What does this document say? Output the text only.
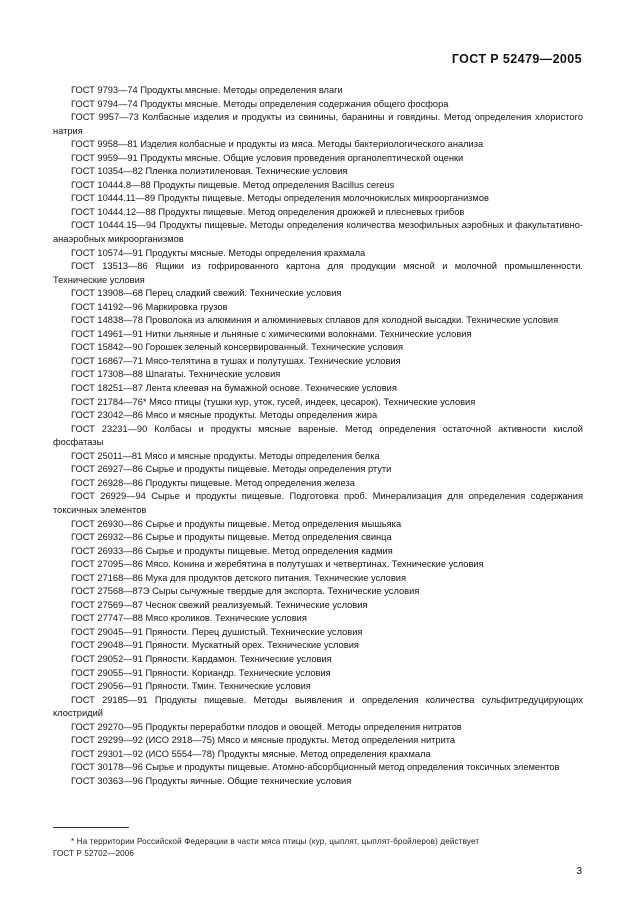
ГОСТ Р 52479—2005

ГОСТ 9793—74 Продукты мясные. Методы определения влаги

ГОСТ 9794—74 Продукты мясные. Методы определения содержания общего фосфора

ГОСТ 9957—73 Колбасные изделия и продукты из свинины, баранины и говядины. Метод определения хлористого натрия

ГОСТ 9958—81 Изделия колбасные и продукты из мяса. Методы бактериологического анализа

ГОСТ 9959—91 Продукты мясные. Общие условия проведения органолептической оценки

ГОСТ 10354—82 Пленка полиэтиленовая. Технические условия

ГОСТ 10444.8—88 Продукты пищевые. Метод определения Bacillus cereus

ГОСТ 10444.11—89 Продукты пищевые. Методы определения молочнокислых микроорганизмов

ГОСТ 10444.12—88 Продукты пищевые. Метод определения дрожжей и плесневых грибов

ГОСТ 10444.15—94 Продукты пищевые. Методы определения количества мезофильных аэробных и факультативно-анаэробных микроорганизмов

ГОСТ 10574—91 Продукты мясные. Методы определения крахмала

ГОСТ 13513—86 Ящики из гофрированного картона для продукции мясной и молочной промышленности. Технические условия

ГОСТ 13908—68 Перец сладкий свежий. Технические условия

ГОСТ 14192—96 Маркировка грузов

ГОСТ 14838—78 Проволока из алюминия и алюминиевых сплавов для холодной высадки. Технические условия

ГОСТ 14961—91 Нитки льняные и льняные с химическими волокнами. Технические условия

ГОСТ 15842—90 Горошек зеленый консервированный. Технические условия

ГОСТ 16867—71 Мясо-телятина в тушах и полутушах. Технические условия

ГОСТ 17308—88 Шпагаты. Технические условия

ГОСТ 18251—87 Лента клеевая на бумажной основе. Технические условия

ГОСТ 21784—76* Мясо птицы (тушки кур, уток, гусей, индеек, цесарок). Технические условия

ГОСТ 23042—86 Мясо и мясные продукты. Методы определения жира

ГОСТ 23231—90 Колбасы и продукты мясные вареные. Метод определения остаточной активности кислой фосфатазы

ГОСТ 25011—81 Мясо и мясные продукты. Методы определения белка

ГОСТ 26927—86 Сырье и продукты пищевые. Методы определения ртути

ГОСТ 26928—86 Продукты пищевые. Метод определения железа

ГОСТ 26929—94 Сырье и продукты пищевые. Подготовка проб. Минерализация для определения содержания токсичных элементов

ГОСТ 26930—86 Сырье и продукты пищевые. Метод определения мышьяка

ГОСТ 26932—86 Сырье и продукты пищевые. Метод определения свинца

ГОСТ 26933—86 Сырье и продукты пищевые. Метод определения кадмия

ГОСТ 27095—86 Мясо. Конина и жеребятина в полутушах и четвертинах. Технические условия

ГОСТ 27168—86 Мука для продуктов детского питания. Технические условия

ГОСТ 27568—87Э Сыры сычужные твердые для экспорта. Технические условия

ГОСТ 27569—87 Чеснок свежий реализуемый. Технические условия

ГОСТ 27747—88 Мясо кроликов. Технические условия

ГОСТ 29045—91 Пряности. Перец душистый. Технические условия

ГОСТ 29048—91 Пряности. Мускатный орех. Технические условия

ГОСТ 29052—91 Пряности. Кардамон. Технические условия

ГОСТ 29055—91 Пряности. Кориандр. Технические условия

ГОСТ 29056—91 Пряности. Тмин. Технические условия

ГОСТ 29185—91 Продукты пищевые. Методы выявления и определения количества сульфитредуцирующих клостридий

ГОСТ 29270—95 Продукты переработки плодов и овощей. Методы определения нитратов

ГОСТ 29299—92 (ИСО 2918—75) Мясо и мясные продукты. Метод определения нитрита

ГОСТ 29301—92 (ИСО 5554—78) Продукты мясные. Метод определения крахмала

ГОСТ 30178—96 Сырье и продукты пищевые. Атомно-абсорбционный метод определения токсичных элементов

ГОСТ 30363—96 Продукты яичные. Общие технические условия

* На территории Российской Федерации в части мяса птицы (кур, цыплят, цыплят-бройлеров) действует
ГОСТ Р 52702—2006
3
